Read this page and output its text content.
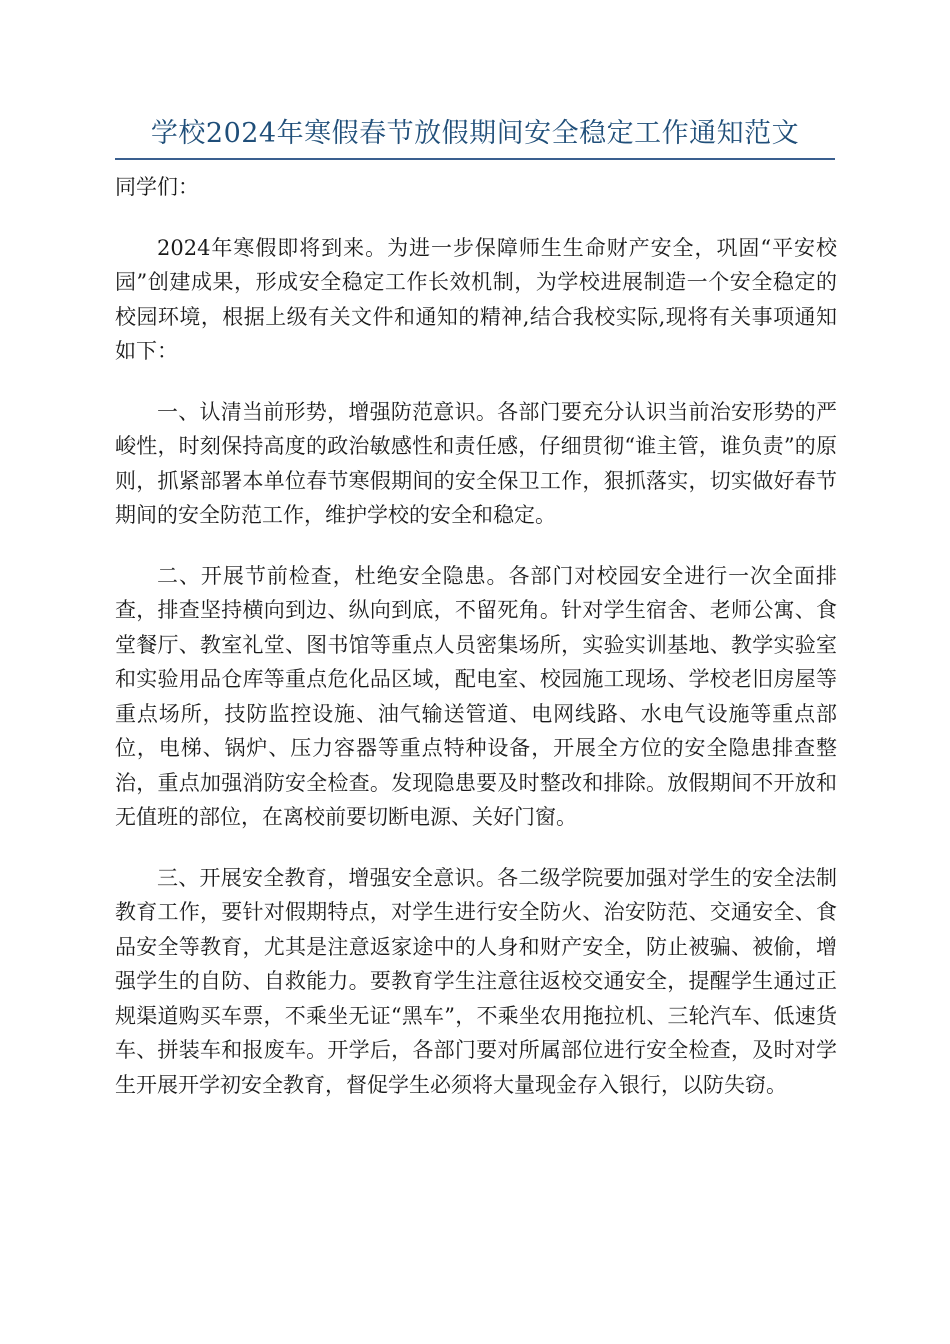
学校2024年寒假春节放假期间安全稳定工作通知范文

同学们：

2024年寒假即将到来。为进一步保障师生生命财产安全，巩固“平安校园”创建成果，形成安全稳定工作长效机制，为学校进展制造一个安全稳定的校园环境，根据上级有关文件和通知的精神,结合我校实际,现将有关事项通知如下：

一、认清当前形势，增强防范意识。各部门要充分认识当前治安形势的严峻性，时刻保持高度的政治敏感性和责任感，仔细贯彻“谁主管，谁负责”的原则，抓紧部署本单位春节寒假期间的安全保卫工作，狠抓落实，切实做好春节期间的安全防范工作，维护学校的安全和稳定。

二、开展节前检查，杜绝安全隐患。各部门对校园安全进行一次全面排查，排查坚持横向到边、纵向到底，不留死角。针对学生宿舍、老师公寓、食堂餐厅、教室礼堂、图书馆等重点人员密集场所，实验实训基地、教学实验室和实验用品仓库等重点危化品区域，配电室、校园施工现场、学校老旧房屋等重点场所，技防监控设施、油气输送管道、电网线路、水电气设施等重点部位，电梯、锅炉、压力容器等重点特种设备，开展全方位的安全隐患排查整治，重点加强消防安全检查。发现隐患要及时整改和排除。放假期间不开放和无值班的部位，在离校前要切断电源、关好门窗。

三、开展安全教育，增强安全意识。各二级学院要加强对学生的安全法制教育工作，要针对假期特点，对学生进行安全防火、治安防范、交通安全、食品安全等教育，尤其是注意返家途中的人身和财产安全，防止被骗、被偷，增强学生的自防、自救能力。要教育学生注意往返校交通安全，提醒学生通过正规渠道购买车票，不乘坐无证“黑车”，不乘坐农用拖拉机、三轮汽车、低速货车、拼装车和报废车。开学后，各部门要对所属部位进行安全检查，及时对学生开展开学初安全教育，督促学生必须将大量现金存入银行，以防失窃。
